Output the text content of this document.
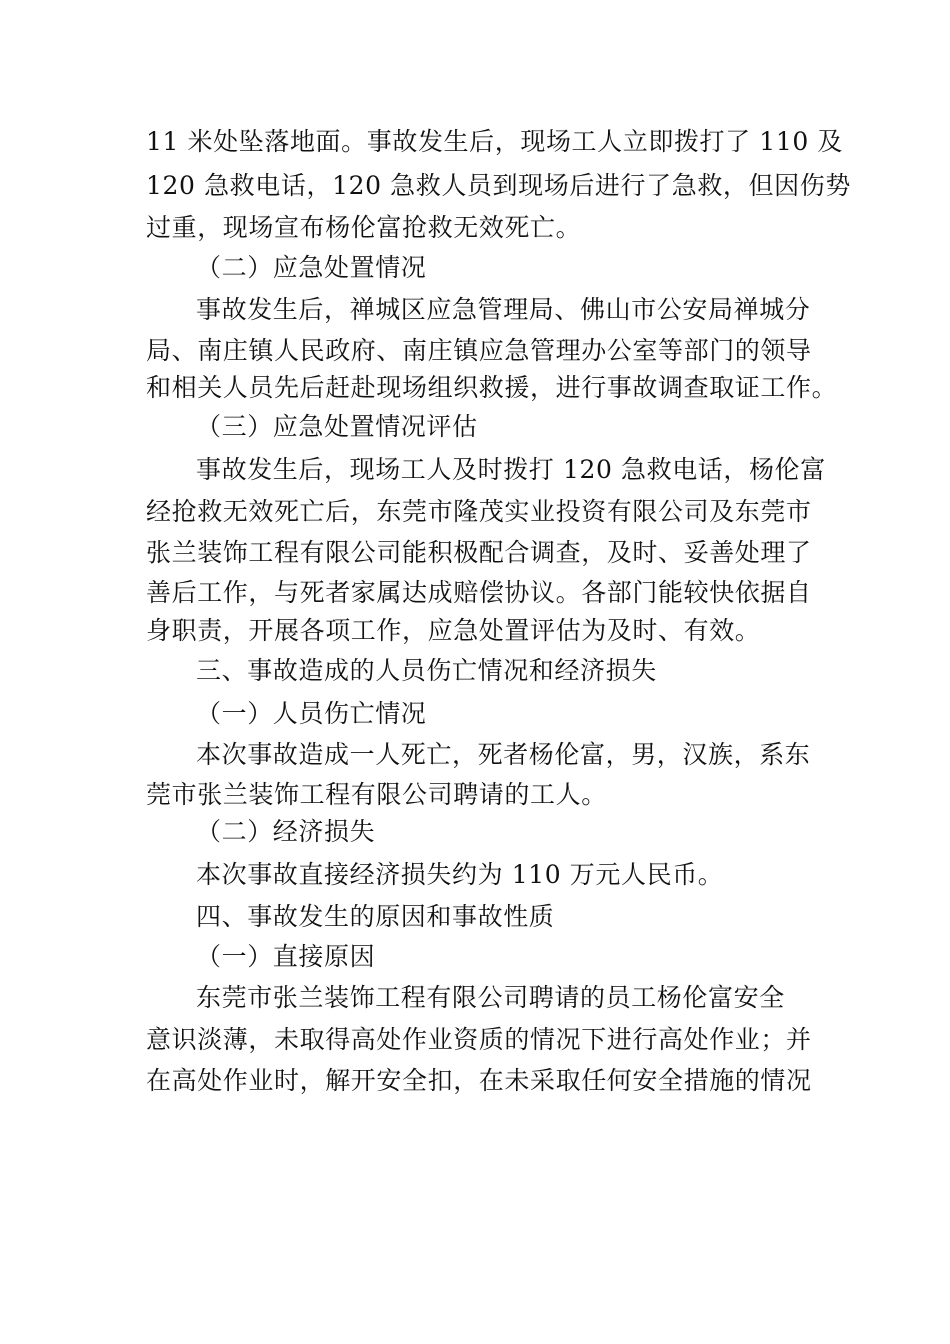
11 米处坠落地面。事故发生后，现场工人立即拨打了 110 及
120 急救电话，120 急救人员到现场后进行了急救，但因伤势
过重，现场宣布杨伦富抢救无效死亡。
（二）应急处置情况
事故发生后，禅城区应急管理局、佛山市公安局禅城分
局、南庄镇人民政府、南庄镇应急管理办公室等部门的领导
和相关人员先后赶赴现场组织救援，进行事故调查取证工作。
（三）应急处置情况评估
事故发生后，现场工人及时拨打 120 急救电话，杨伦富
经抢救无效死亡后，东莞市隆茂实业投资有限公司及东莞市
张兰装饰工程有限公司能积极配合调查，及时、妥善处理了
善后工作，与死者家属达成赔偿协议。各部门能较快依据自
身职责，开展各项工作，应急处置评估为及时、有效。
三、事故造成的人员伤亡情况和经济损失
（一）人员伤亡情况
本次事故造成一人死亡，死者杨伦富，男，汉族，系东
莞市张兰装饰工程有限公司聘请的工人。
（二）经济损失
本次事故直接经济损失约为 110 万元人民币。
四、事故发生的原因和事故性质
（一）直接原因
东莞市张兰装饰工程有限公司聘请的员工杨伦富安全
意识淡薄，未取得高处作业资质的情况下进行高处作业；并
在高处作业时，解开安全扣，在未采取任何安全措施的情况
